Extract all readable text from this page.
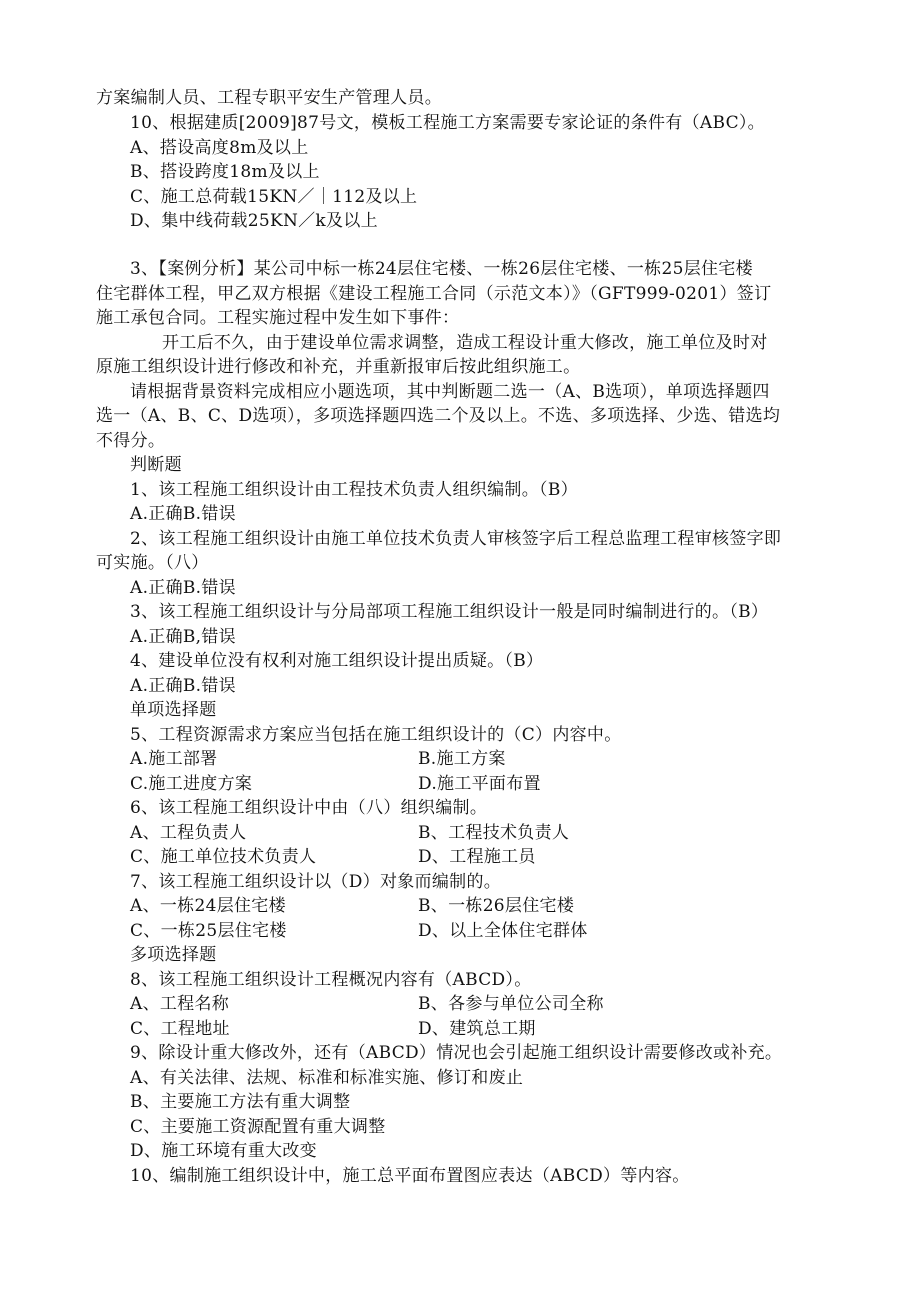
方案编制人员、工程专职平安生产管理人员。
10、根据建质[2009]87号文，模板工程施工方案需要专家论证的条件有（ABC）。
A、搭设高度8m及以上
B、搭设跨度18m及以上
C、施工总荷载15KN／｜112及以上
D、集中线荷载25KN／k及以上
3、【案例分析】某公司中标一栋24层住宅楼、一栋26层住宅楼、一栋25层住宅楼
住宅群体工程，甲乙双方根据《建设工程施工合同（示范文本）》（GFT999-0201）签订
施工承包合同。工程实施过程中发生如下事件：
开工后不久，由于建设单位需求调整，造成工程设计重大修改，施工单位及时对
原施工组织设计进行修改和补充，并重新报审后按此组织施工。
请根据背景资料完成相应小题选项，其中判断题二选一（A、B选项），单项选择题四
选一（A、B、C、D选项），多项选择题四选二个及以上。不选、多项选择、少选、错选均
不得分。
判断题
1、该工程施工组织设计由工程技术负责人组织编制。（B）
A.正确B.错误
2、该工程施工组织设计由施工单位技术负责人审核签字后工程总监理工程审核签字即
可实施。（八）
A.正确B.错误
3、该工程施工组织设计与分局部项工程施工组织设计一般是同时编制进行的。（B）
A.正确B,错误
4、建设单位没有权利对施工组织设计提出质疑。（B）
A.正确B.错误
单项选择题
5、工程资源需求方案应当包括在施工组织设计的（C）内容中。
A.施工部署	B.施工方案
C.施工进度方案	D.施工平面布置
6、该工程施工组织设计中由（八）组织编制。
A、工程负责人	B、工程技术负责人
C、施工单位技术负责人	D、工程施工员
7、该工程施工组织设计以（D）对象而编制的。
A、一栋24层住宅楼	B、一栋26层住宅楼
C、一栋25层住宅楼	D、以上全体住宅群体
多项选择题
8、该工程施工组织设计工程概况内容有（ABCD）。
A、工程名称	B、各参与单位公司全称
C、工程地址	D、建筑总工期
9、除设计重大修改外，还有（ABCD）情况也会引起施工组织设计需要修改或补充。
A、有关法律、法规、标准和标准实施、修订和废止
B、主要施工方法有重大调整
C、主要施工资源配置有重大调整
D、施工环境有重大改变
10、编制施工组织设计中，施工总平面布置图应表达（ABCD）等内容。
